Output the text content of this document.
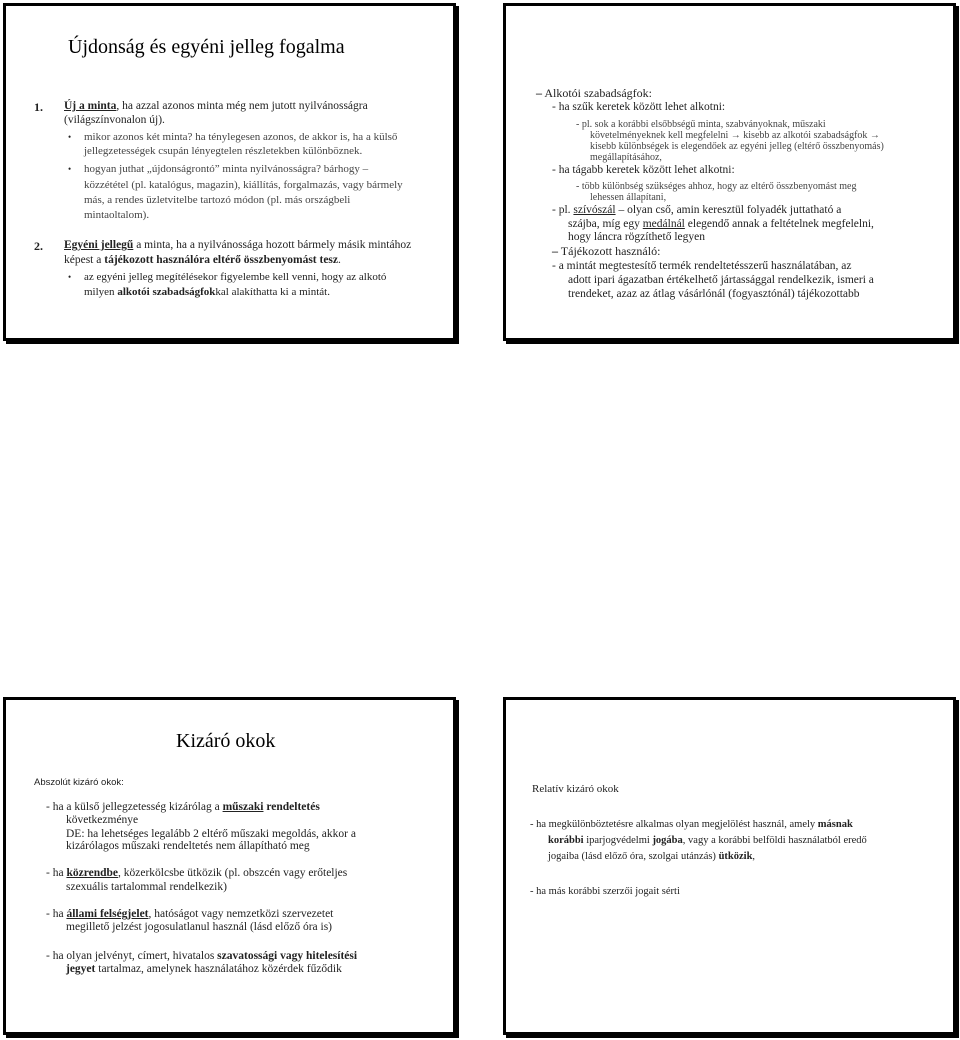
Újdonság és egyéni jelleg fogalma
1. Új a minta, ha azzal azonos minta még nem jutott nyilvánosságra
(világszínvonalon új).
• mikor azonos két minta? ha ténylegesen azonos, de akkor is, ha a külső
jellegzetességek csupán lényegtelen részletekben különböznek.
• hogyan juthat „újdonságrontó” minta nyilvánosságra? bárhogy –
közzététel (pl. katalógus, magazin), kiállítás, forgalmazás, vagy bármely
más, a rendes üzletvitelbe tartozó módon (pl. más országbeli
mintaoltalom).
2. Egyéni jellegű a minta, ha a nyilvánossága hozott bármely másik mintához
képest a tájékozott használóra eltérő összbenyomást tesz.
• az egyéni jelleg megítélésekor figyelembe kell venni, hogy az alkotó
milyen alkotói szabadságfokkal alakíthatta ki a mintát.
– Alkotói szabadságfok:
- ha szűk keretek között lehet alkotni:
- pl. sok a korábbi elsőbbségű minta, szabványoknak, műszaki
követelményeknek kell megfelelni → kisebb az alkotói szabadságfok →
kisebb különbségek is elegendőek az egyéni jelleg (eltérő összbenyomás)
megállapításához,
- ha tágabb keretek között lehet alkotni:
- több különbség szükséges ahhoz, hogy az eltérő összbenyomást meg
lehessen állapítani,
- pl. szívószál – olyan cső, amin keresztül folyadék juttatható a
szájba, míg egy medálnál elegendő annak a feltételnek megfelelni,
hogy láncra rögzíthető legyen
– Tájékozott használó:
- a mintát megtestesítő termék rendeltetésszerű használatában, az
adott ipari ágazatban értékelhető jártassággal rendelkezik, ismeri a
trendeket, azaz az átlag vásárlónál (fogyasztónál) tájékozottabb
Kizáró okok
Abszolút kizáró okok:
- ha a külső jellegzetesség kizárólag a műszaki rendeltetés
következménye
DE: ha lehetséges legalább 2 eltérő műszaki megoldás, akkor a
kizárólagos műszaki rendeltetés nem állapítható meg
- ha közrendbe, közerkölcsbe ütközik (pl. obszcén vagy erőteljes
szexuális tartalommal rendelkezik)
- ha állami felségjelet, hatóságot vagy nemzetközi szervezetet
megillető jelzést jogosulatlanul használ (lásd előző óra is)
- ha olyan jelvényt, címert, hivatalos szavatossági vagy hitelesítési
jegyet tartalmaz, amelynek használatához közérdek fűződik
Relatív kizáró okok
- ha megkülönböztetésre alkalmas olyan megjelölést használ, amely másnak
korábbi iparjogvédelmi jogába, vagy a korábbi belföldi használatból eredő
jogaiba (lásd előző óra, szolgai utánzás) ütközik,
- ha más korábbi szerzői jogait sérti
